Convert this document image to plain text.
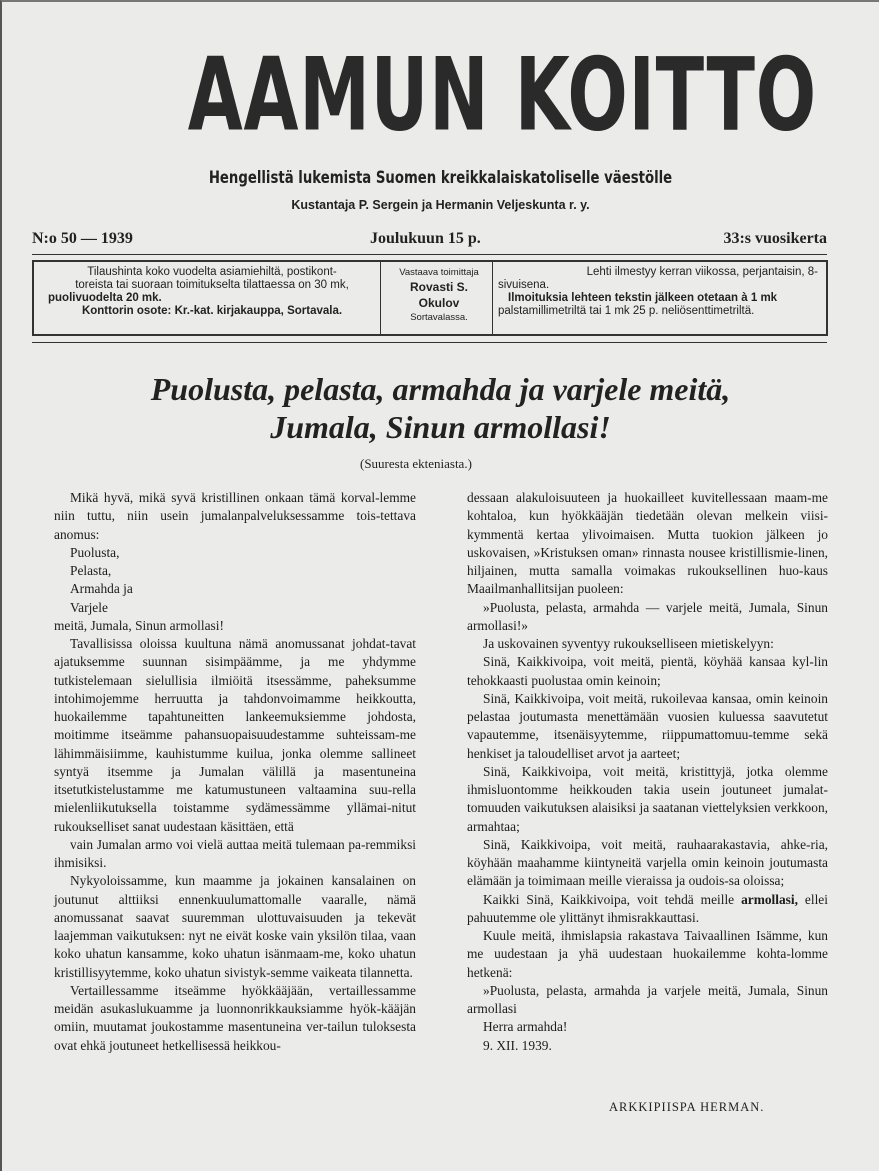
AAMUN KOITTO
Hengellistä lukemista Suomen kreikkalaiskatoliselle väestölle
Kustantaja P. Sergein ja Hermanin Veljeskunta r. y.
N:o 50 — 1939	Joulukuun 15 p.	33:s vuosikerta
Tilaushinta koko vuodelta asiamiehiltä, postikont-
toreista tai suoraan toimitukselta tilattaessa on 30 mk,
puolivuodelta 20 mk.
Konttorin osote: Kr.-kat. kirjakauppa, Sortavala.
Vastaava toimittaja
Rovasti S. Okulov
Sortavalassa.
Lehti ilmestyy kerran viikossa, perjantaisin, 8-
sivuisena.
Ilmoituksia lehteen tekstin jälkeen otetaan à 1 mk
palstamillimetriltä tai 1 mk 25 p. neliösenttimetriltä.
Puolusta, pelasta, armahda ja varjele meitä,
Jumala, Sinun armollasi!
(Suuresta ekteniasta.)

Mikä hyvä, mikä syvä kristillinen onkaan tämä korval-lemme niin tuttu, niin usein jumalanpalveluksessamme tois-tettava anomus:

Puolusta,

Pelasta,

Armahda ja

Varjele

meitä, Jumala, Sinun armollasi!

Tavallisissa oloissa kuultuna nämä anomussanat johdat-tavat ajatuksemme suunnan sisimpäämme, ja me yhdymme tutkistelemaan sielullisia ilmiöitä itsessämme, paheksumme intohimojemme herruutta ja tahdonvoimamme heikkoutta, huokailemme tapahtuneitten lankeemuksiemme johdosta, moitimme itseämme pahansuopaisuudestamme suhteissam-me lähimmäisiimme, kauhistumme kuilua, jonka olemme sallineet syntyä itsemme ja Jumalan välillä ja masentuneina itsetutkistelustamme me katumustuneen valtaamina suu-rella mielenliikutuksella toistamme sydämessämme yllämai-nitut rukoukselliset sanat uudestaan käsittäen, että

vain Jumalan armo voi vielä auttaa meitä tulemaan pa-remmiksi ihmisiksi.

Nykyoloissamme, kun maamme ja jokainen kansalainen on joutunut alttiiksi ennenkuulumattomalle vaaralle, nämä anomussanat saavat suuremman ulottuvaisuuden ja tekevät laajemman vaikutuksen: nyt ne eivät koske vain yksilön tilaa, vaan koko uhatun kansamme, koko uhatun isänmaam-me, koko uhatun kristillisyytemme, koko uhatun sivistyk-semme vaikeata tilannetta.

Vertaillessamme itseämme hyökkääjään, vertaillessamme meidän asukaslukuamme ja luonnonrikkauksiamme hyök-kääjän omiin, muutamat joukostamme masentuneina ver-tailun tuloksesta ovat ehkä joutuneet hetkellisessä heikkou-

dessaan alakuloisuuteen ja huokailleet kuvitellessaan maam-me kohtaloa, kun hyökkääjän tiedetään olevan melkein viisi-kymmentä kertaa ylivoimaisen. Mutta tuokion jälkeen jo uskovaisen, »Kristuksen oman» rinnasta nousee kristillismie-linen, hiljainen, mutta samalla voimakas rukouksellinen huo-kaus Maailmanhallitsijan puoleen:

»Puolusta, pelasta, armahda — varjele meitä, Jumala, Sinun armollasi!»

Ja uskovainen syventyy rukoukselliseen mietiskelyyn:

Sinä, Kaikkivoipa, voit meitä, pientä, köyhää kansaa kyl-lin tehokkaasti puolustaa omin keinoin;

Sinä, Kaikkivoipa, voit meitä, rukoilevaa kansaa, omin keinoin pelastaa joutumasta menettämään vuosien kuluessa saavutetut vapautemme, itsenäisyytemme, riippumattomuu-temme sekä henkiset ja taloudelliset arvot ja aarteet;

Sinä, Kaikkivoipa, voit meitä, kristittyjä, jotka olemme ihmisluontomme heikkouden takia usein joutuneet jumalat-tomuuden vaikutuksen alaisiksi ja saatanan viettelyksien verkkoon, armahtaa;

Sinä, Kaikkivoipa, voit meitä, rauhaarakastavia, ahke-ria, köyhään maahamme kiintyneitä varjella omin keinoin joutumasta elämään ja toimimaan meille vieraissa ja oudois-sa oloissa;

Kaikki Sinä, Kaikkivoipa, voit tehdä meille armollasi, ellei pahuutemme ole ylittänyt ihmisrakkauttasi.

Kuule meitä, ihmislapsia rakastava Taivaallinen Isämme, kun me uudestaan ja yhä uudestaan huokailemme kohta-lomme hetkenä:

»Puolusta, pelasta, armahda ja varjele meitä, Jumala, Sinun armollasi

Herra armahda!

9. XII. 1939.

ARKKIPIISPA HERMAN.
